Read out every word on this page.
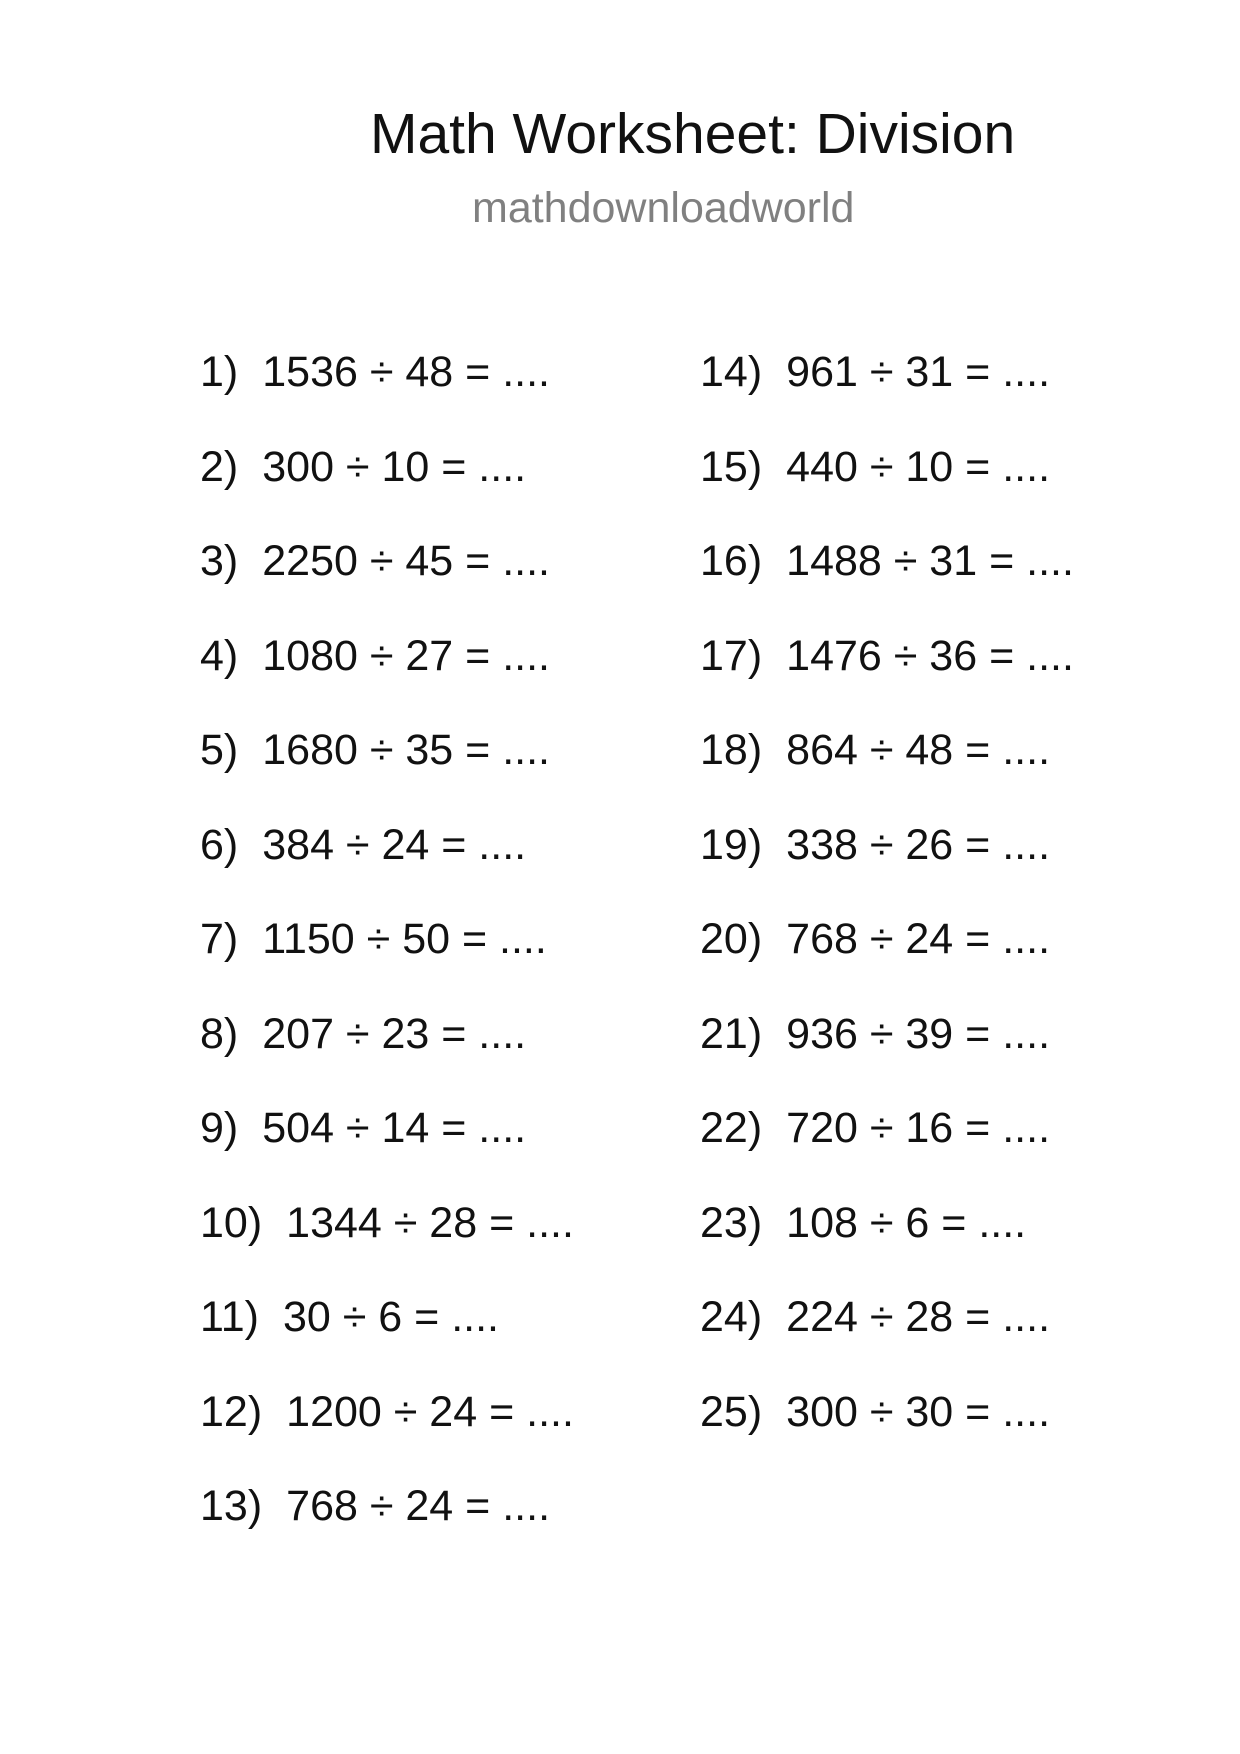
Math Worksheet: Division
mathdownloadworld
1) 1536 ÷ 48 = ....
2) 300 ÷ 10 = ....
3) 2250 ÷ 45 = ....
4) 1080 ÷ 27 = ....
5) 1680 ÷ 35 = ....
6) 384 ÷ 24 = ....
7) 1150 ÷ 50 = ....
8) 207 ÷ 23 = ....
9) 504 ÷ 14 = ....
10) 1344 ÷ 28 = ....
11) 30 ÷ 6 = ....
12) 1200 ÷ 24 = ....
13) 768 ÷ 24 = ....
14) 961 ÷ 31 = ....
15) 440 ÷ 10 = ....
16) 1488 ÷ 31 = ....
17) 1476 ÷ 36 = ....
18) 864 ÷ 48 = ....
19) 338 ÷ 26 = ....
20) 768 ÷ 24 = ....
21) 936 ÷ 39 = ....
22) 720 ÷ 16 = ....
23) 108 ÷ 6 = ....
24) 224 ÷ 28 = ....
25) 300 ÷ 30 = ....
